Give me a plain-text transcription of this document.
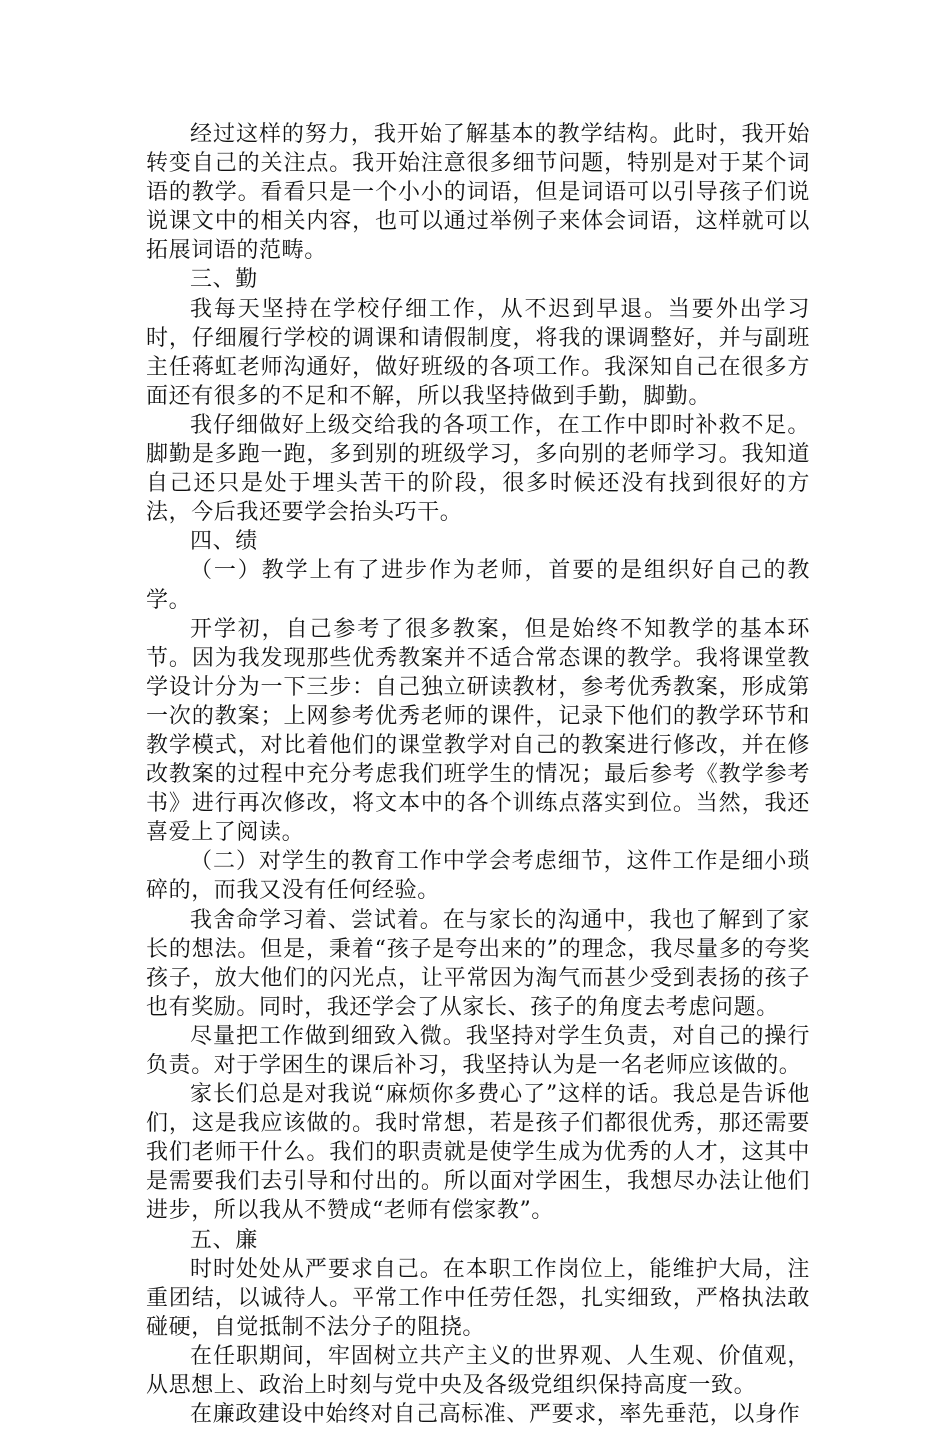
经过这样的努力，我开始了解基本的教学结构。此时，我开始转变自己的关注点。我开始注意很多细节问题，特别是对于某个词语的教学。看看只是一个小小的词语，但是词语可以引导孩子们说说课文中的相关内容，也可以通过举例子来体会词语，这样就可以拓展词语的范畴。

三、勤

我每天坚持在学校仔细工作，从不迟到早退。当要外出学习时，仔细履行学校的调课和请假制度，将我的课调整好，并与副班主任蒋虹老师沟通好，做好班级的各项工作。我深知自己在很多方面还有很多的不足和不解，所以我坚持做到手勤，脚勤。

我仔细做好上级交给我的各项工作，在工作中即时补救不足。脚勤是多跑一跑，多到别的班级学习，多向别的老师学习。我知道自己还只是处于埋头苦干的阶段，很多时候还没有找到很好的方法，今后我还要学会抬头巧干。

四、绩

（一）教学上有了进步作为老师，首要的是组织好自己的教学。

开学初，自己参考了很多教案，但是始终不知教学的基本环节。因为我发现那些优秀教案并不适合常态课的教学。我将课堂教学设计分为一下三步：自己独立研读教材，参考优秀教案，形成第一次的教案；上网参考优秀老师的课件，记录下他们的教学环节和教学模式，对比着他们的课堂教学对自己的教案进行修改，并在修改教案的过程中充分考虑我们班学生的情况；最后参考《教学参考书》进行再次修改，将文本中的各个训练点落实到位。当然，我还喜爱上了阅读。

（二）对学生的教育工作中学会考虑细节，这件工作是细小琐碎的，而我又没有任何经验。

我舍命学习着、尝试着。在与家长的沟通中，我也了解到了家长的想法。但是，秉着“孩子是夸出来的”的理念，我尽量多的夸奖孩子，放大他们的闪光点，让平常因为淘气而甚少受到表扬的孩子也有奖励。同时，我还学会了从家长、孩子的角度去考虑问题。

尽量把工作做到细致入微。我坚持对学生负责，对自己的操行负责。对于学困生的课后补习，我坚持认为是一名老师应该做的。

家长们总是对我说“麻烦你多费心了”这样的话。我总是告诉他们，这是我应该做的。我时常想，若是孩子们都很优秀，那还需要我们老师干什么。我们的职责就是使学生成为优秀的人才，这其中是需要我们去引导和付出的。所以面对学困生，我想尽办法让他们进步，所以我从不赞成“老师有偿家教”。

五、廉

时时处处从严要求自己。在本职工作岗位上，能维护大局，注重团结，以诚待人。平常工作中任劳任怨，扎实细致，严格执法敢碰硬，自觉抵制不法分子的阻挠。

在任职期间，牢固树立共产主义的世界观、人生观、价值观，从思想上、政治上时刻与党中央及各级党组织保持高度一致。

在廉政建设中始终对自己高标准、严要求，率先垂范，以身作
